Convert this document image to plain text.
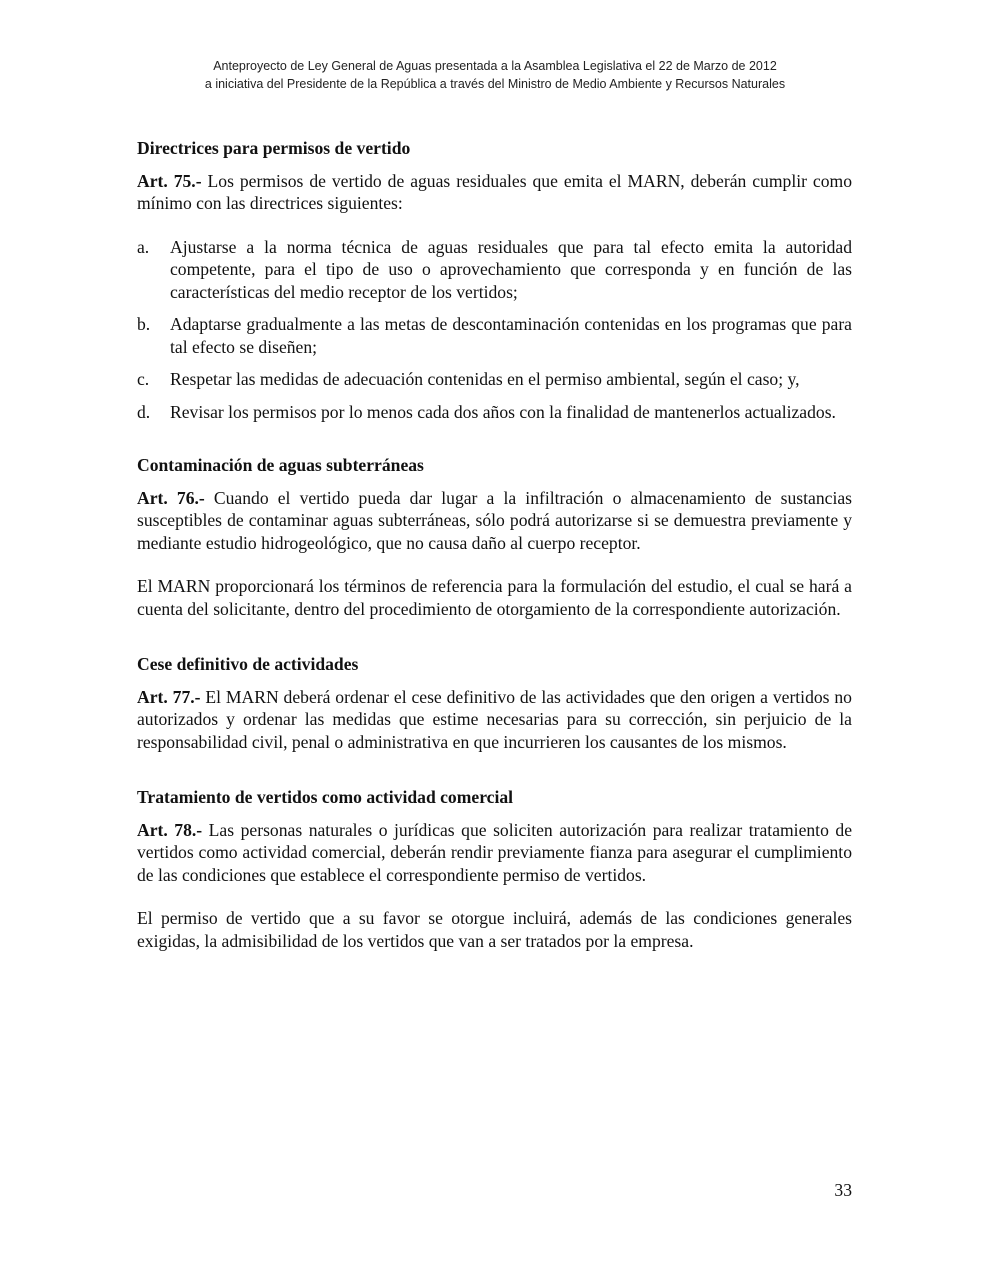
Anteproyecto de Ley General de Aguas presentada a la Asamblea Legislativa el 22 de Marzo de 2012
a iniciativa del Presidente de la República a través del Ministro de Medio Ambiente y Recursos Naturales
Directrices para permisos de vertido

Art. 75.- Los permisos de vertido de aguas residuales que emita el MARN, deberán cumplir como mínimo con las directrices siguientes:

a. Ajustarse a la norma técnica de aguas residuales que para tal efecto emita la autoridad competente, para el tipo de uso o aprovechamiento que corresponda y en función de las características del medio receptor de los vertidos;
b. Adaptarse gradualmente a las metas de descontaminación contenidas en los programas que para tal efecto se diseñen;
c. Respetar las medidas de adecuación contenidas en el permiso ambiental, según el caso; y,
d. Revisar los permisos por lo menos cada dos años con la finalidad de mantenerlos actualizados.
Contaminación de aguas subterráneas

Art. 76.- Cuando el vertido pueda dar lugar a la infiltración o almacenamiento de sustancias susceptibles de contaminar aguas subterráneas, sólo podrá autorizarse si se demuestra previamente y mediante estudio hidrogeológico, que no causa daño al cuerpo receptor.

El MARN proporcionará los términos de referencia para la formulación del estudio, el cual se hará a cuenta del solicitante, dentro del procedimiento de otorgamiento de la correspondiente autorización.

Cese definitivo de actividades

Art. 77.- El MARN deberá ordenar el cese definitivo de las actividades que den origen a vertidos no autorizados y ordenar las medidas que estime necesarias para su corrección, sin perjuicio de la responsabilidad civil, penal o administrativa en que incurrieren los causantes de los mismos.

Tratamiento de vertidos como actividad comercial

Art. 78.- Las personas naturales o jurídicas que soliciten autorización para realizar tratamiento de vertidos como actividad comercial, deberán rendir previamente fianza para asegurar el cumplimiento de las condiciones que establece el correspondiente permiso de vertidos.

El permiso de vertido que a su favor se otorgue incluirá, además de las condiciones generales exigidas, la admisibilidad de los vertidos que van a ser tratados por la empresa.

33
